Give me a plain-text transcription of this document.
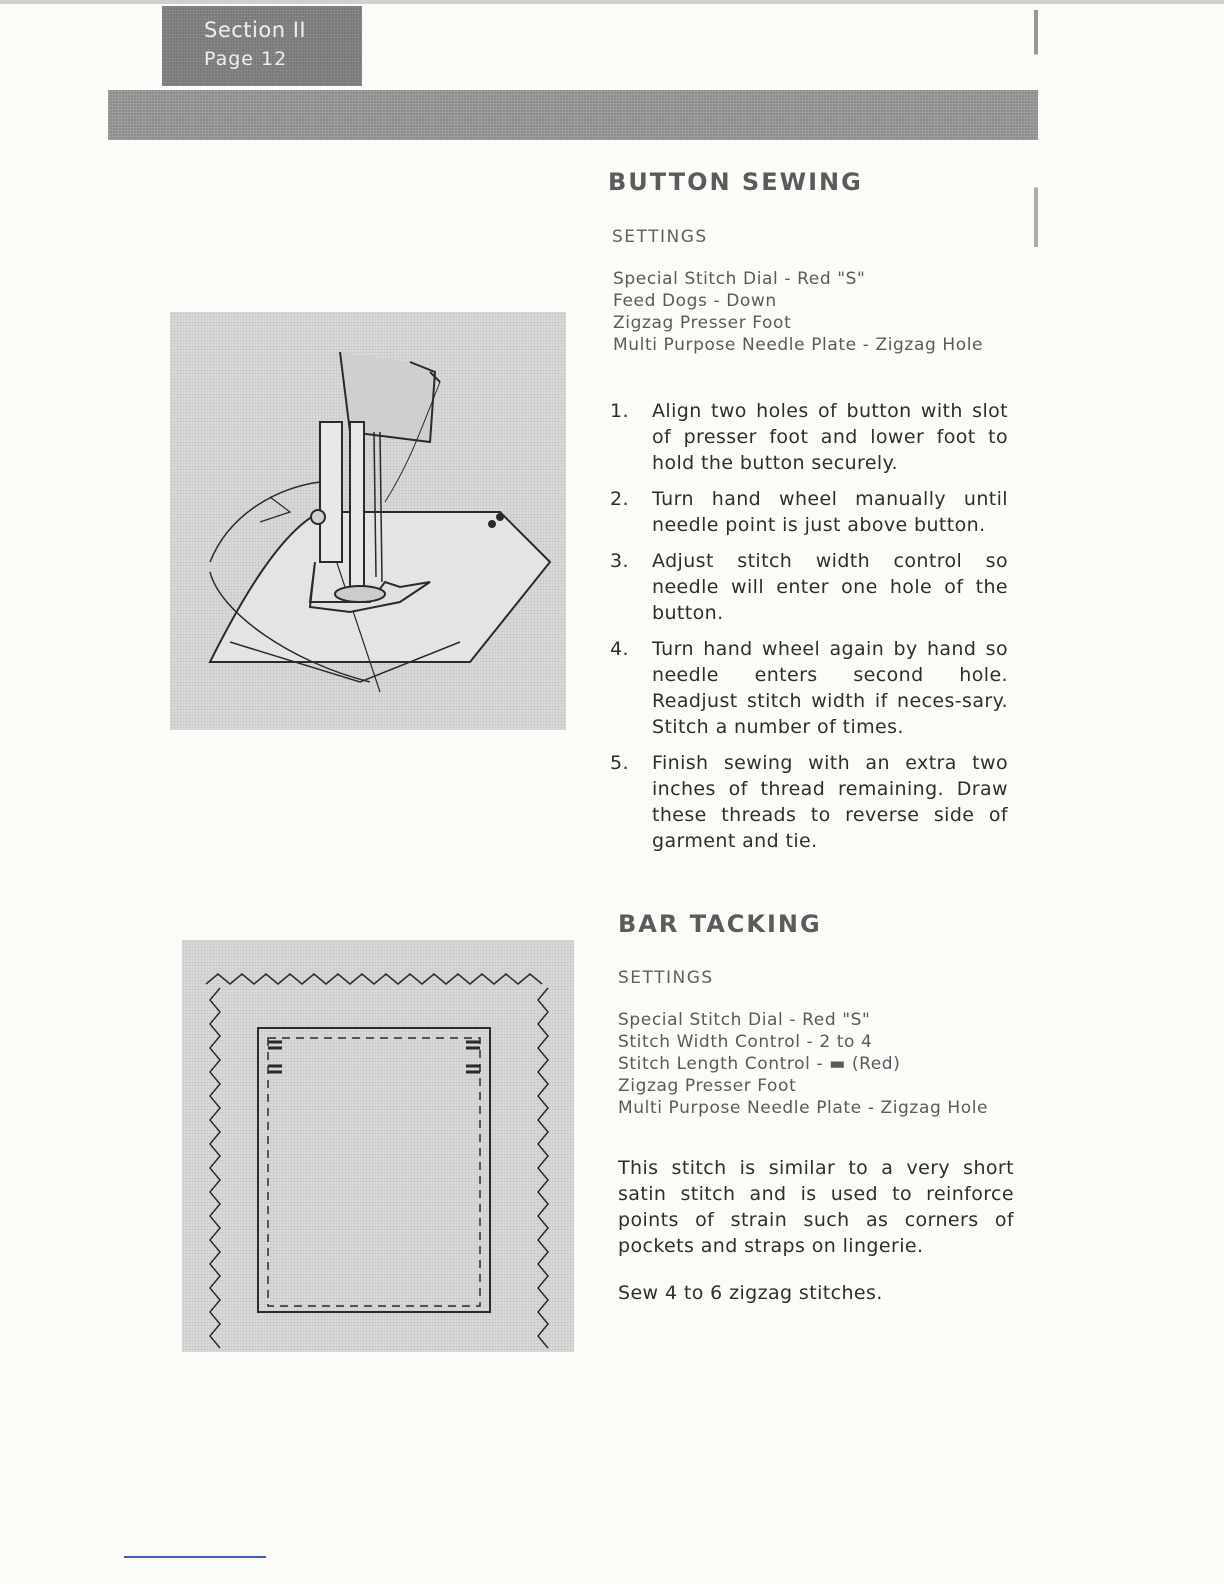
Section II
Page 12
BUTTON SEWING
SETTINGS
Special Stitch Dial - Red "S"
Feed Dogs - Down
Zigzag Presser Foot
Multi Purpose Needle Plate - Zigzag Hole
1. Align two holes of button with slot of presser foot and lower foot to hold the button securely.
2. Turn hand wheel manually until needle point is just above button.
3. Adjust stitch width control so needle will enter one hole of the button.
4. Turn hand wheel again by hand so needle enters second hole. Readjust stitch width if neces-sary. Stitch a number of times.
5. Finish sewing with an extra two inches of thread remaining. Draw these threads to reverse side of garment and tie.
BAR TACKING
SETTINGS
Special Stitch Dial - Red "S"
Stitch Width Control - 2 to 4
Stitch Length Control - ▬ (Red)
Zigzag Presser Foot
Multi Purpose Needle Plate - Zigzag Hole
This stitch is similar to a very short satin stitch and is used to reinforce points of strain such as corners of pockets and straps on lingerie.
Sew 4 to 6 zigzag stitches.
